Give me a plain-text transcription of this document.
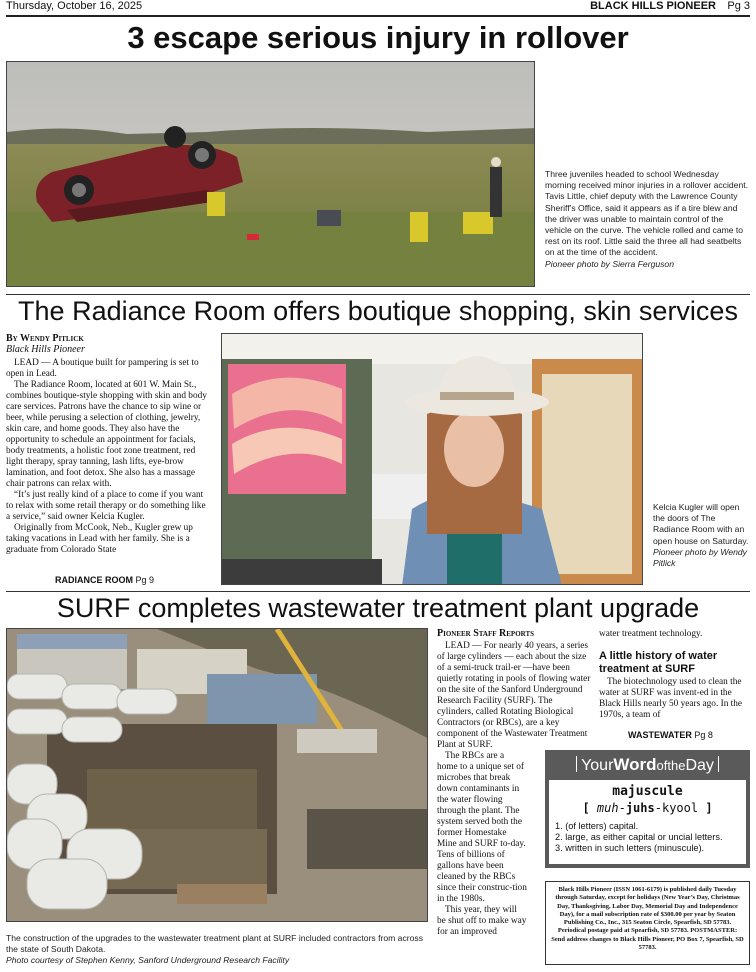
Thursday, October 16, 2025	BLACK HILLS PIONEER Pg 3
3 escape serious injury in rollover
Three juveniles headed to school Wednesday morning received minor injuries in a rollover accident. Tavis Little, chief deputy with the Lawrence County Sheriff's Office, said it appears as if a tire blew and the driver was unable to maintain control of the vehicle on the curve. The vehicle rolled and came to rest on its roof. Little said the three all had seatbelts on at the time of the accident.
Pioneer photo by Sierra Ferguson
The Radiance Room offers boutique shopping, skin services
By Wendy Pitlick
Black Hills Pioneer

LEAD — A boutique built for pampering is set to open in Lead.

The Radiance Room, located at 601 W. Main St., combines boutique-style shopping with skin and body care services. Patrons have the chance to sip wine or beer, while perusing a selection of clothing, jewelry, skin care, and home goods. They also have the opportunity to schedule an appointment for facials, body treatments, a holistic foot zone treatment, red light therapy, spray tanning, lash lifts, eye-brow lamination, and foot detox. She also has a massage chair patrons can relax with.

“It’s just really kind of a place to come if you want to relax with some retail therapy or do something like a service,” said owner Kelcia Kugler.

Originally from McCook, Neb., Kugler grew up taking vacations in Lead with her family. She is a graduate from Colorado State

RADIANCE ROOM Pg 9
Kelcia Kugler will open the doors of The Radiance Room with an open house on Saturday.
Pioneer photo by Wendy Pitlick
SURF completes wastewater treatment plant upgrade
The construction of the upgrades to the wastewater treatment plant at SURF included contractors from across the state of South Dakota.
Photo courtesy of Stephen Kenny, Sanford Underground Research Facility
Pioneer Staff Reports

LEAD — For nearly 40 years, a series of large cylinders — each about the size of a semi-truck trail-er —have been quietly rotating in pools of flowing water on the site of the Sanford Underground Research Facility (SURF). The cylinders, called Rotating Biological Contractors (or RBCs), are a key component of the Wastewater Treatment Plant at SURF.

The RBCs are a home to a unique set of microbes that break down contaminants in the water flowing through the plant. The system served both the former Homestake Mine and SURF to-day. Tens of billions of gallons have been cleaned by the RBCs since their construc-tion in the 1980s.

This year, they will be shut off to make way for an improved

water treatment technology.
A little history of water treatment at SURF

The biotechnology used to clean the water at SURF was invent-ed in the Black Hills nearly 50 years ago. In the 1970s, a team of

WASTEWATER Pg 8
YourWordoftheDay
majuscule
[ muh-juhs-kyool ]
1. (of letters) capital.
2. large, as either capital or uncial letters.
3. written in such letters (minuscule).
Black Hills Pioneer (ISSN 1061-6179) is published daily Tuesday through Saturday, except for holidays (New Year’s Day, Christmas Day, Thanksgiving, Labor Day, Memorial Day and Independence Day), for a mail subscription rate of $300.00 per year by Seaton Publishing Co., Inc., 315 Seaton Circle, Spearfish, SD 57783. Periodical postage paid at Spearfish, SD 57783. POSTMASTER: Send address changes to Black Hills Pioneer, PO Box 7, Spearfish, SD 57783.
